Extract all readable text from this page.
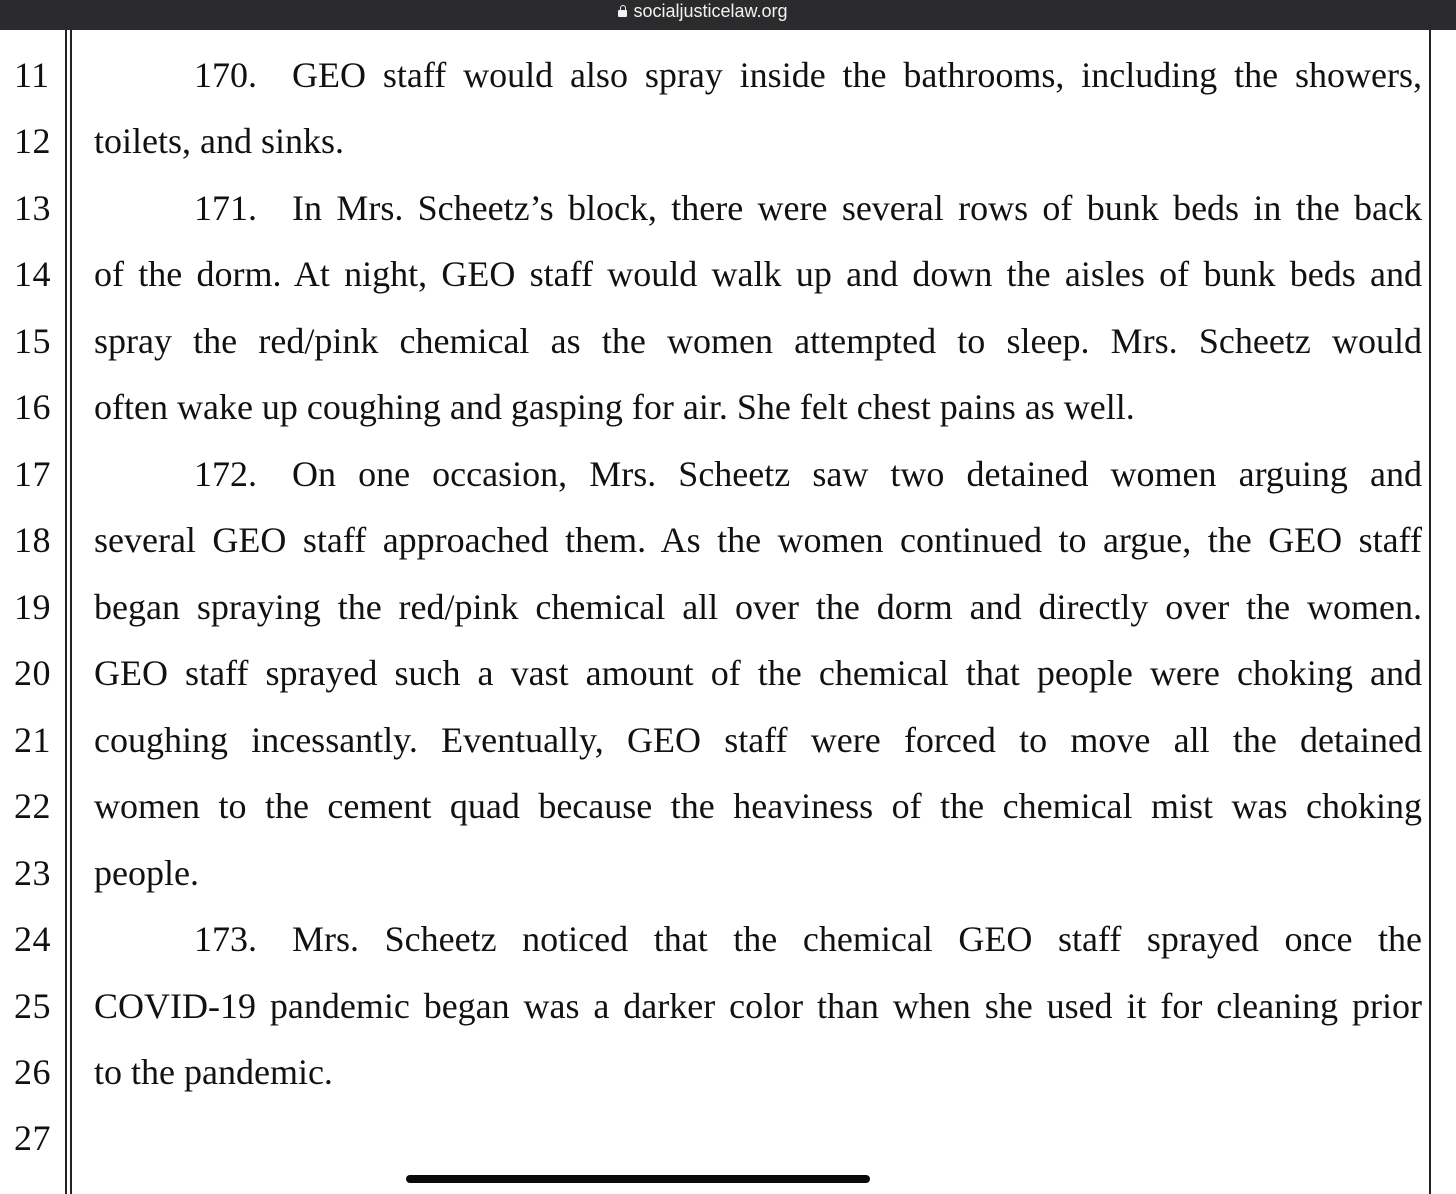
socialjusticelaw.org
11
12
13
14
15
16
17
18
19
20
21
22
23
24
25
26
27
170. GEO staff would also spray inside the bathrooms, including the showers,
toilets, and sinks.
171. In Mrs. Scheetz’s block, there were several rows of bunk beds in the back
of the dorm. At night, GEO staff would walk up and down the aisles of bunk beds and
spray the red/pink chemical as the women attempted to sleep. Mrs. Scheetz would
often wake up coughing and gasping for air. She felt chest pains as well.
172. On one occasion, Mrs. Scheetz saw two detained women arguing and
several GEO staff approached them. As the women continued to argue, the GEO staff
began spraying the red/pink chemical all over the dorm and directly over the women.
GEO staff sprayed such a vast amount of the chemical that people were choking and
coughing incessantly. Eventually, GEO staff were forced to move all the detained
women to the cement quad because the heaviness of the chemical mist was choking
people.
173. Mrs. Scheetz noticed that the chemical GEO staff sprayed once the
COVID-19 pandemic began was a darker color than when she used it for cleaning prior
to the pandemic.
